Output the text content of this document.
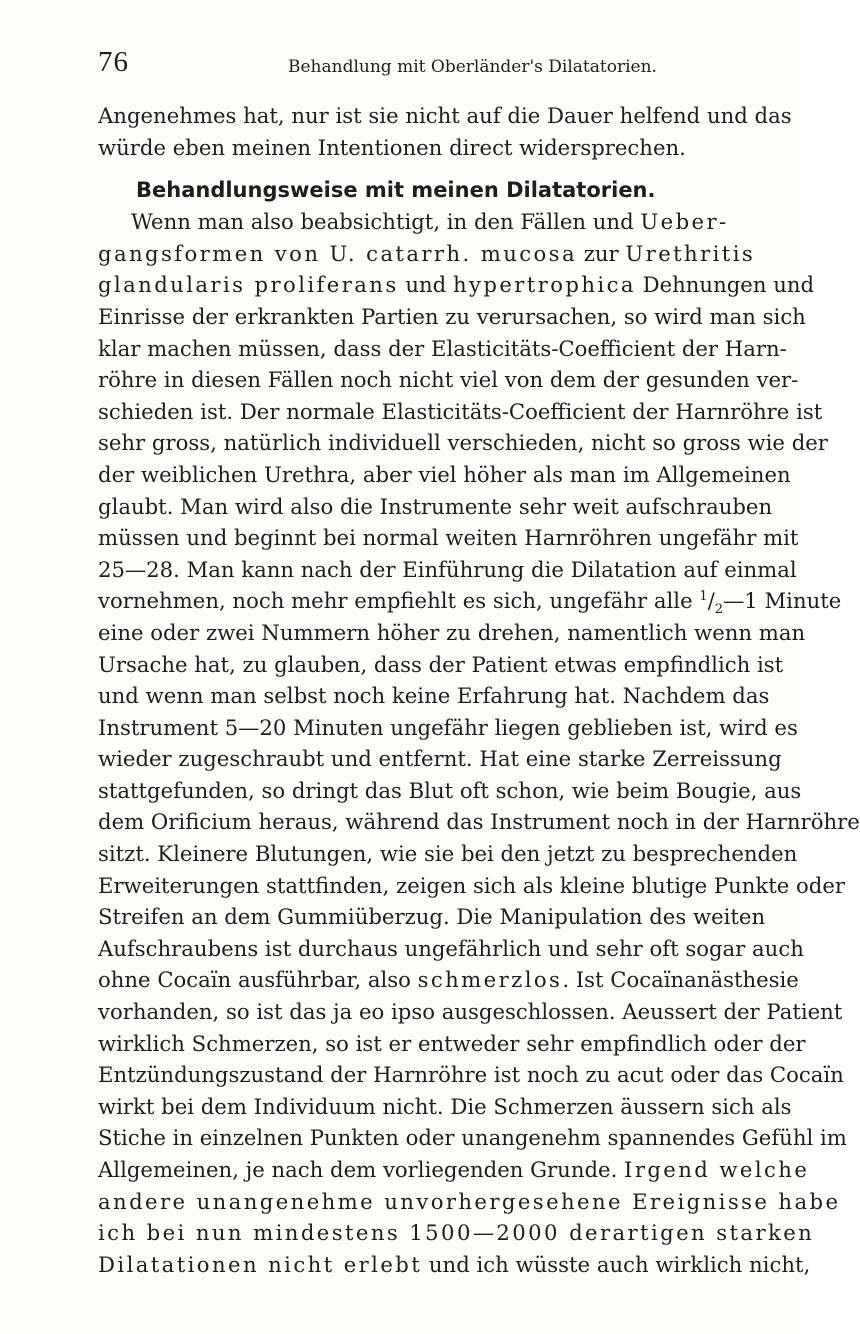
76	Behandlung mit Oberländer's Dilatatorien.
Angenehmes hat, nur ist sie nicht auf die Dauer helfend und das
würde eben meinen Intentionen direct widersprechen.
Behandlungsweise mit meinen Dilatatorien.
Wenn man also beabsichtigt, in den Fällen und Ueber-
gangsformen von U. catarrh. mucosa zur Urethritis
glandularis proliferans und hypertrophica Dehnungen und
Einrisse der erkrankten Partien zu verursachen, so wird man sich
klar machen müssen, dass der Elasticitäts-Coefficient der Harn-
röhre in diesen Fällen noch nicht viel von dem der gesunden ver-
schieden ist. Der normale Elasticitäts-Coefficient der Harnröhre ist
sehr gross, natürlich individuell verschieden, nicht so gross wie der
der weiblichen Urethra, aber viel höher als man im Allgemeinen
glaubt. Man wird also die Instrumente sehr weit aufschrauben
müssen und beginnt bei normal weiten Harnröhren ungefähr mit
25—28. Man kann nach der Einführung die Dilatation auf einmal
vornehmen, noch mehr empfiehlt es sich, ungefähr alle $^1/_2—1$ Minute
eine oder zwei Nummern höher zu drehen, namentlich wenn man
Ursache hat, zu glauben, dass der Patient etwas empfindlich ist
und wenn man selbst noch keine Erfahrung hat. Nachdem das
Instrument 5—20 Minuten ungefähr liegen geblieben ist, wird es
wieder zugeschraubt und entfernt. Hat eine starke Zerreissung
stattgefunden, so dringt das Blut oft schon, wie beim Bougie, aus
dem Orificium heraus, während das Instrument noch in der Harnröhre
sitzt. Kleinere Blutungen, wie sie bei den jetzt zu besprechenden
Erweiterungen stattfinden, zeigen sich als kleine blutige Punkte oder
Streifen an dem Gummiüberzug. Die Manipulation des weiten
Aufschraubens ist durchaus ungefährlich und sehr oft sogar auch
ohne Cocaïn ausführbar, also schmerzlos. Ist Cocaïnanästhesie
vorhanden, so ist das ja eo ipso ausgeschlossen. Aeussert der Patient
wirklich Schmerzen, so ist er entweder sehr empfindlich oder der
Entzündungszustand der Harnröhre ist noch zu acut oder das Cocaïn
wirkt bei dem Individuum nicht. Die Schmerzen äussern sich als
Stiche in einzelnen Punkten oder unangenehm spannendes Gefühl im
Allgemeinen, je nach dem vorliegenden Grunde. Irgend welche
andere unangenehme unvorhergesehene Ereignisse habe
ich bei nun mindestens 1500—2000 derartigen starken
Dilatationen nicht erlebt und ich wüsste auch wirklich nicht,
